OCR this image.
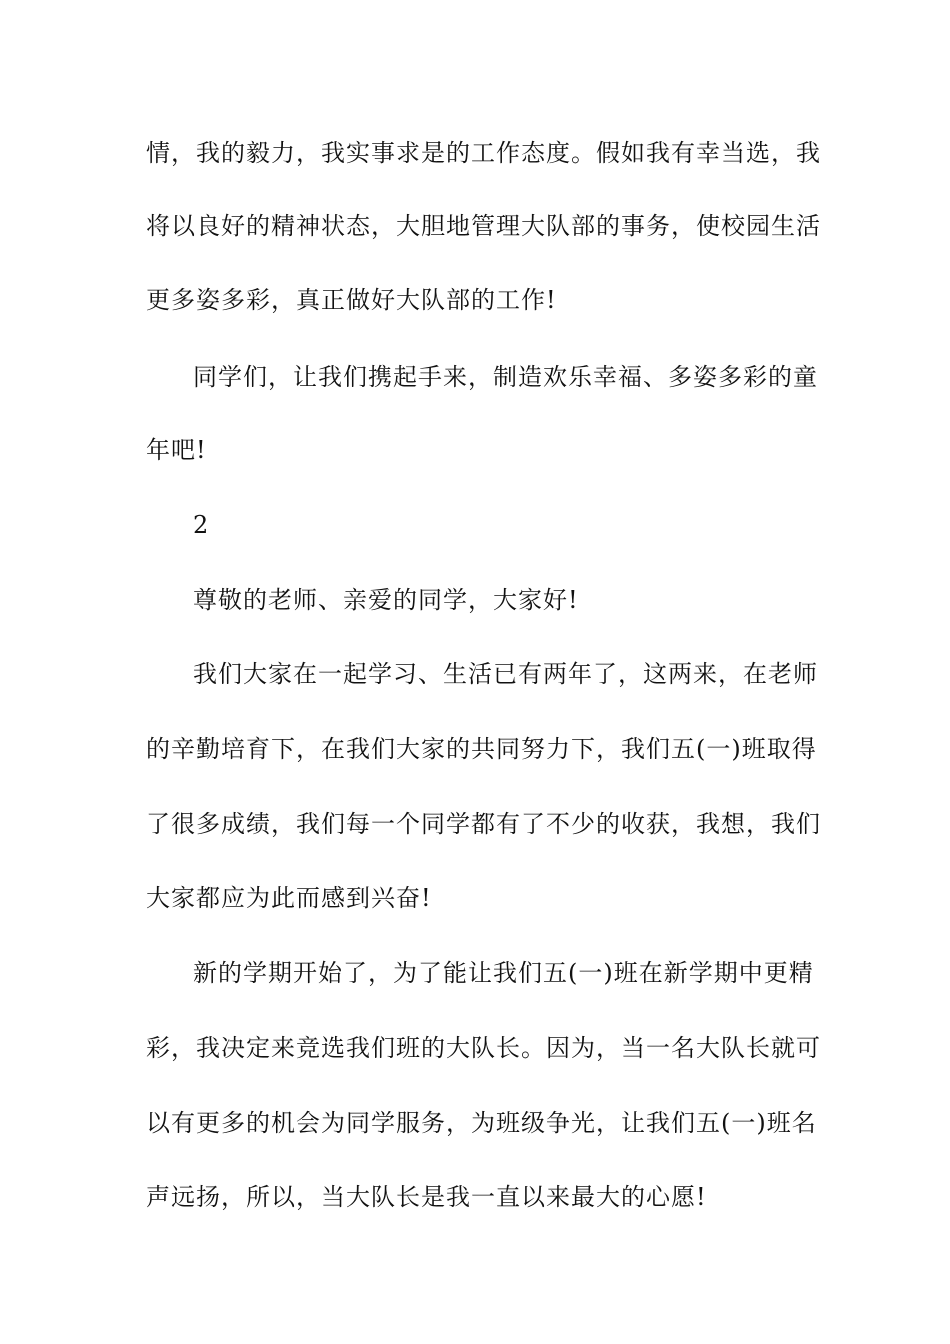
情，我的毅力，我实事求是的工作态度。假如我有幸当选，我
将以良好的精神状态，大胆地管理大队部的事务，使校园生活
更多姿多彩，真正做好大队部的工作!
同学们，让我们携起手来，制造欢乐幸福、多姿多彩的童
年吧!
2
尊敬的老师、亲爱的同学，大家好!
我们大家在一起学习、生活已有两年了，这两来，在老师
的辛勤培育下，在我们大家的共同努力下，我们五(一)班取得
了很多成绩，我们每一个同学都有了不少的收获，我想，我们
大家都应为此而感到兴奋!
新的学期开始了，为了能让我们五(一)班在新学期中更精
彩，我决定来竞选我们班的大队长。因为，当一名大队长就可
以有更多的机会为同学服务，为班级争光，让我们五(一)班名
声远扬，所以，当大队长是我一直以来最大的心愿!
